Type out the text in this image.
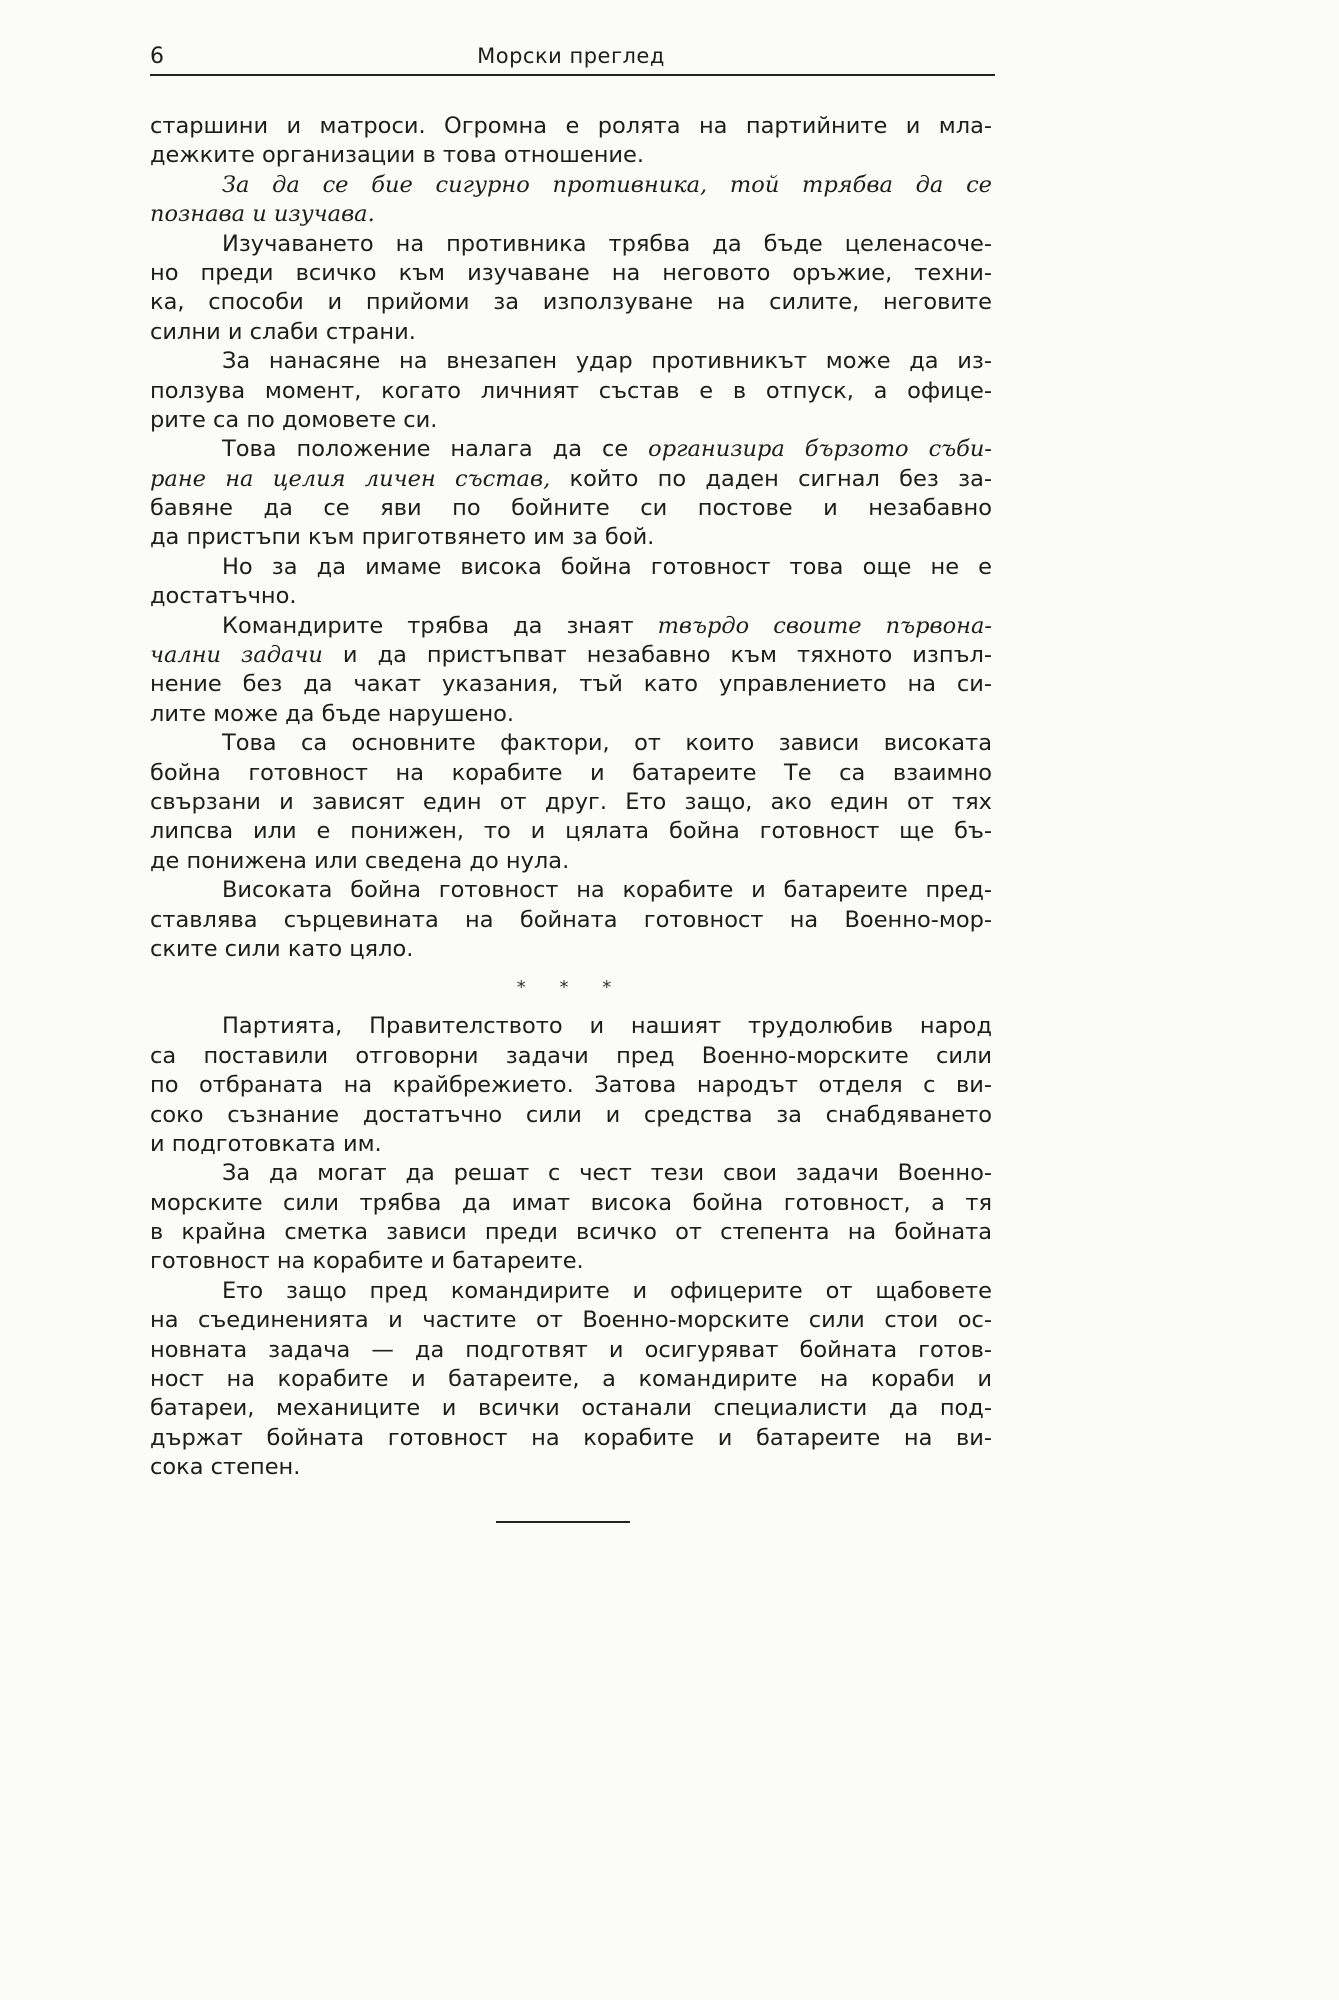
6	Морски преглед
старшини и матроси. Огромна е ролята на партийните и мла-
дежките организации в това отношение.
За да се бие сигурно противника, той трябва да се
познава и изучава.
Изучаването на противника трябва да бъде целенасоче-
но преди всичко към изучаване на неговото оръжие, техни-
ка, способи и прийоми за използуване на силите, неговите
силни и слаби страни.
За нанасяне на внезапен удар противникът може да из-
ползува момент, когато личният състав е в отпуск, а офице-
рите са по домовете си.
Това положение налага да се организира бързото съби-
ране на целия личен състав, който по даден сигнал без за-
бавяне да се яви по бойните си постове и незабавно
да пристъпи към приготвянето им за бой.
Но за да имаме висока бойна готовност това още не е
достатъчно.
Командирите трябва да знаят твърдо своите първона-
чални задачи и да пристъпват незабавно към тяхното изпъл-
нение без да чакат указания, тъй като управлението на си-
лите може да бъде нарушено.
Това са основните фактори, от които зависи високата
бойна готовност на корабите и батареите Те са взаимно
свързани и зависят един от друг. Ето защо, ако един от тях
липсва или е понижен, то и цялата бойна готовност ще бъ-
де понижена или сведена до нула.
Високата бойна готовност на корабите и батареите пред-
ставлява сърцевината на бойната готовност на Военно-мор-
ските сили като цяло.
* * *
Партията, Правителството и нашият трудолюбив народ
са поставили отговорни задачи пред Военно-морските сили
по отбраната на крайбрежието. Затова народът отделя с ви-
соко съзнание достатъчно сили и средства за снабдяването
и подготовката им.
За да могат да решат с чест тези свои задачи Военно-
морските сили трябва да имат висока бойна готовност, а тя
в крайна сметка зависи преди всичко от степента на бойната
готовност на корабите и батареите.
Ето защо пред командирите и офицерите от щабовете
на съединенията и частите от Военно-морските сили стои ос-
новната задача — да подготвят и осигуряват бойната готов-
ност на корабите и батареите, а командирите на кораби и
батареи, механиците и всички останали специалисти да под-
държат бойната готовност на корабите и батареите на ви-
сока степен.
